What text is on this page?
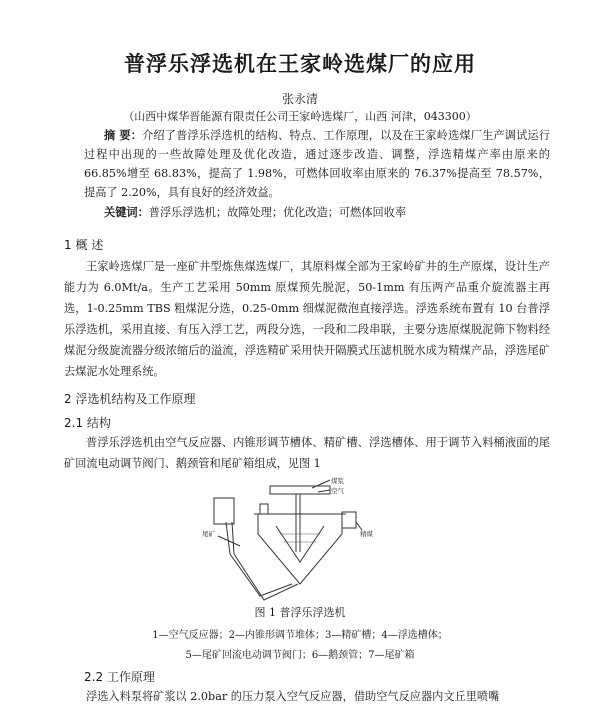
普浮乐浮选机在王家岭选煤厂的应用
张永清
（山西中煤华晋能源有限责任公司王家岭选煤厂，山西 河津，043300）
摘 要：介绍了普浮乐浮选机的结构、特点、工作原理，以及在王家岭选煤厂生产调试运行过程中出现的一些故障处理及优化改造，通过逐步改造、调整，浮选精煤产率由原来的 66.85%增至 68.83%，提高了 1.98%，可燃体回收率由原来的 76.37%提高至 78.57%，提高了 2.20%，具有良好的经济效益。
关键词：普浮乐浮选机；故障处理；优化改造；可燃体回收率
1 概 述
王家岭选煤厂是一座矿井型炼焦煤选煤厂，其原料煤全部为王家岭矿井的生产原煤，设计生产能力为 6.0Mt/a。生产工艺采用 50mm 原煤预先脱泥，50-1mm 有压两产品重介旋流器主再选，1-0.25mm TBS 粗煤泥分选，0.25-0mm 细煤泥微泡直接浮选。浮选系统布置有 10 台普浮乐浮选机，采用直接、有压入浮工艺，两段分选，一段和二段串联，主要分选原煤脱泥筛下物料经煤泥分级旋流器分级浓缩后的溢流，浮选精矿采用快开隔膜式压滤机脱水成为精煤产品，浮选尾矿去煤泥水处理系统。
2 浮选机结构及工作原理
2.1 结构
普浮乐浮选机由空气反应器、内锥形调节槽体、精矿槽、浮选槽体、用于调节入料桶液面的尾矿回流电动调节阀门、鹅颈管和尾矿箱组成，见图 1
煤浆
空气
尾矿	精煤
图 1 普浮乐浮选机
1—空气反应器；2—内锥形调节堆体；3—精矿槽；4—浮选槽体；
5—尾矿回流电动调节阀门；6—鹅颈管；7—尾矿箱
2.2 工作原理
浮选入料泵将矿浆以 2.0bar 的压力泵入空气反应器，借助空气反应器内文丘里喷嘴
